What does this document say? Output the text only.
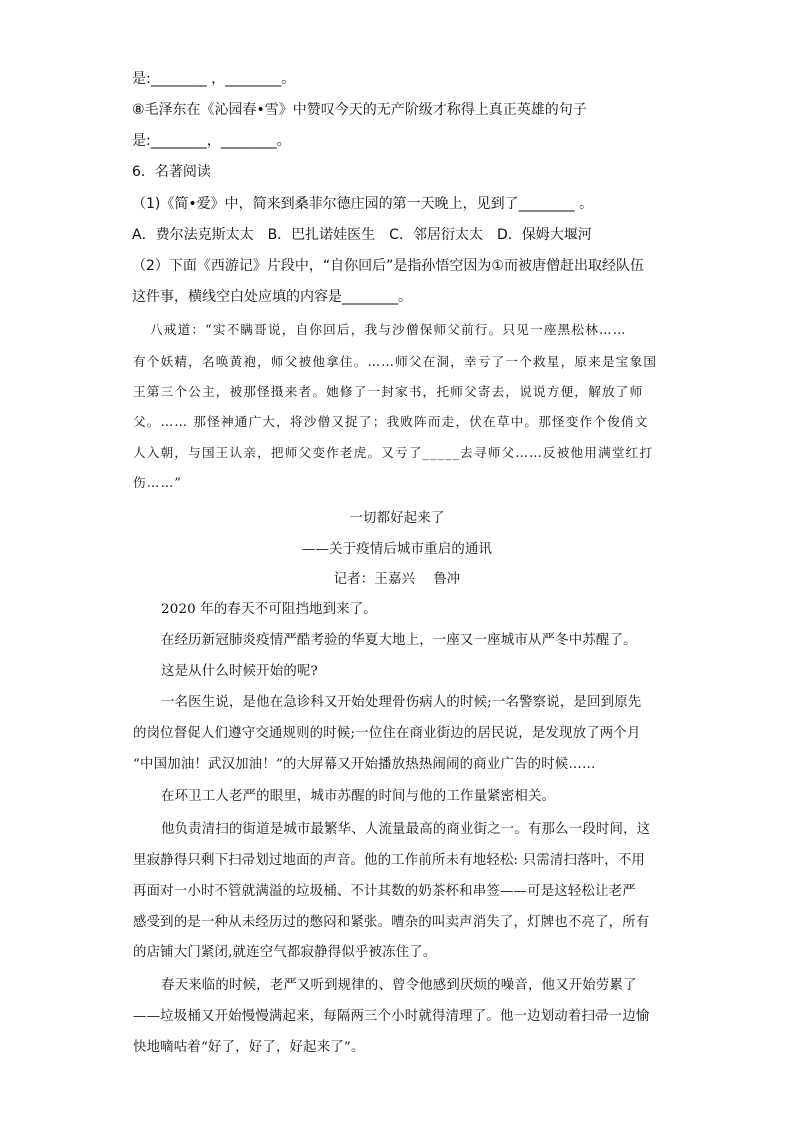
是:________ ，________。
⑧毛泽东在《沁园春•雪》中赞叹今天的无产阶级才称得上真正英雄的句子
是:________，________。
6．名著阅读
（1)《简•爱》中，简来到桑菲尔德庄园的第一天晚上，见到了________ 。
A．费尔法克斯太太　B．巴扎诺娃医生　C．邻居衍太太　D．保姆大堰河
（2）下面《西游记》片段中，“自你回后”是指孙悟空因为①而被唐僧赶出取经队伍
这件事，横线空白处应填的内容是________。
八戒道：“实不瞒哥说，自你回后，我与沙僧保师父前行。只见一座黑松林……
有个妖精，名唤黄袍，师父被他拿住。……师父在洞，幸亏了一个救星，原来是宝象国
王第三个公主，被那怪摄来者。她修了一封家书，托师父寄去，说说方便，解放了师
父。…… 那怪神通广大，将沙僧又捉了；我败阵而走，伏在草中。那怪变作个俊俏文
人入朝，与国王认亲，把师父变作老虎。又亏了_____去寻师父……反被他用满堂红打
伤……”
一切都好起来了
——关于疫情后城市重启的通讯
记者：王嘉兴　 鲁冲
2020 年的春天不可阻挡地到来了。
在经历新冠肺炎疫情严酷考验的华夏大地上，一座又一座城市从严冬中苏醒了。
这是从什么时候开始的呢?
一名医生说，是他在急诊科又开始处理骨伤病人的时候;一名警察说，是回到原先
的岗位督促人们遵守交通规则的时候;一位住在商业街边的居民说，是发现放了两个月
“中国加油！武汉加油！”的大屏幕又开始播放热热闹闹的商业广告的时候……
在环卫工人老严的眼里，城市苏醒的时间与他的工作量紧密相关。
他负责清扫的街道是城市最繁华、人流量最高的商业街之一。有那么一段时间，这
里寂静得只剩下扫帚划过地面的声音。他的工作前所未有地轻松: 只需清扫落叶，不用
再面对一小时不管就满溢的垃圾桶、不计其数的奶茶杯和串签——可是这轻松让老严
感受到的是一种从未经历过的憋闷和紧张。嘈杂的叫卖声消失了，灯牌也不亮了，所有
的店铺大门紧闭,就连空气都寂静得似乎被冻住了。
春天来临的时候，老严又听到规律的、曾令他感到厌烦的噪音，他又开始劳累了
——垃圾桶又开始慢慢满起来，每隔两三个小时就得清理了。他一边划动着扫帚一边愉
快地嘀咕着“好了，好了，好起来了”。
